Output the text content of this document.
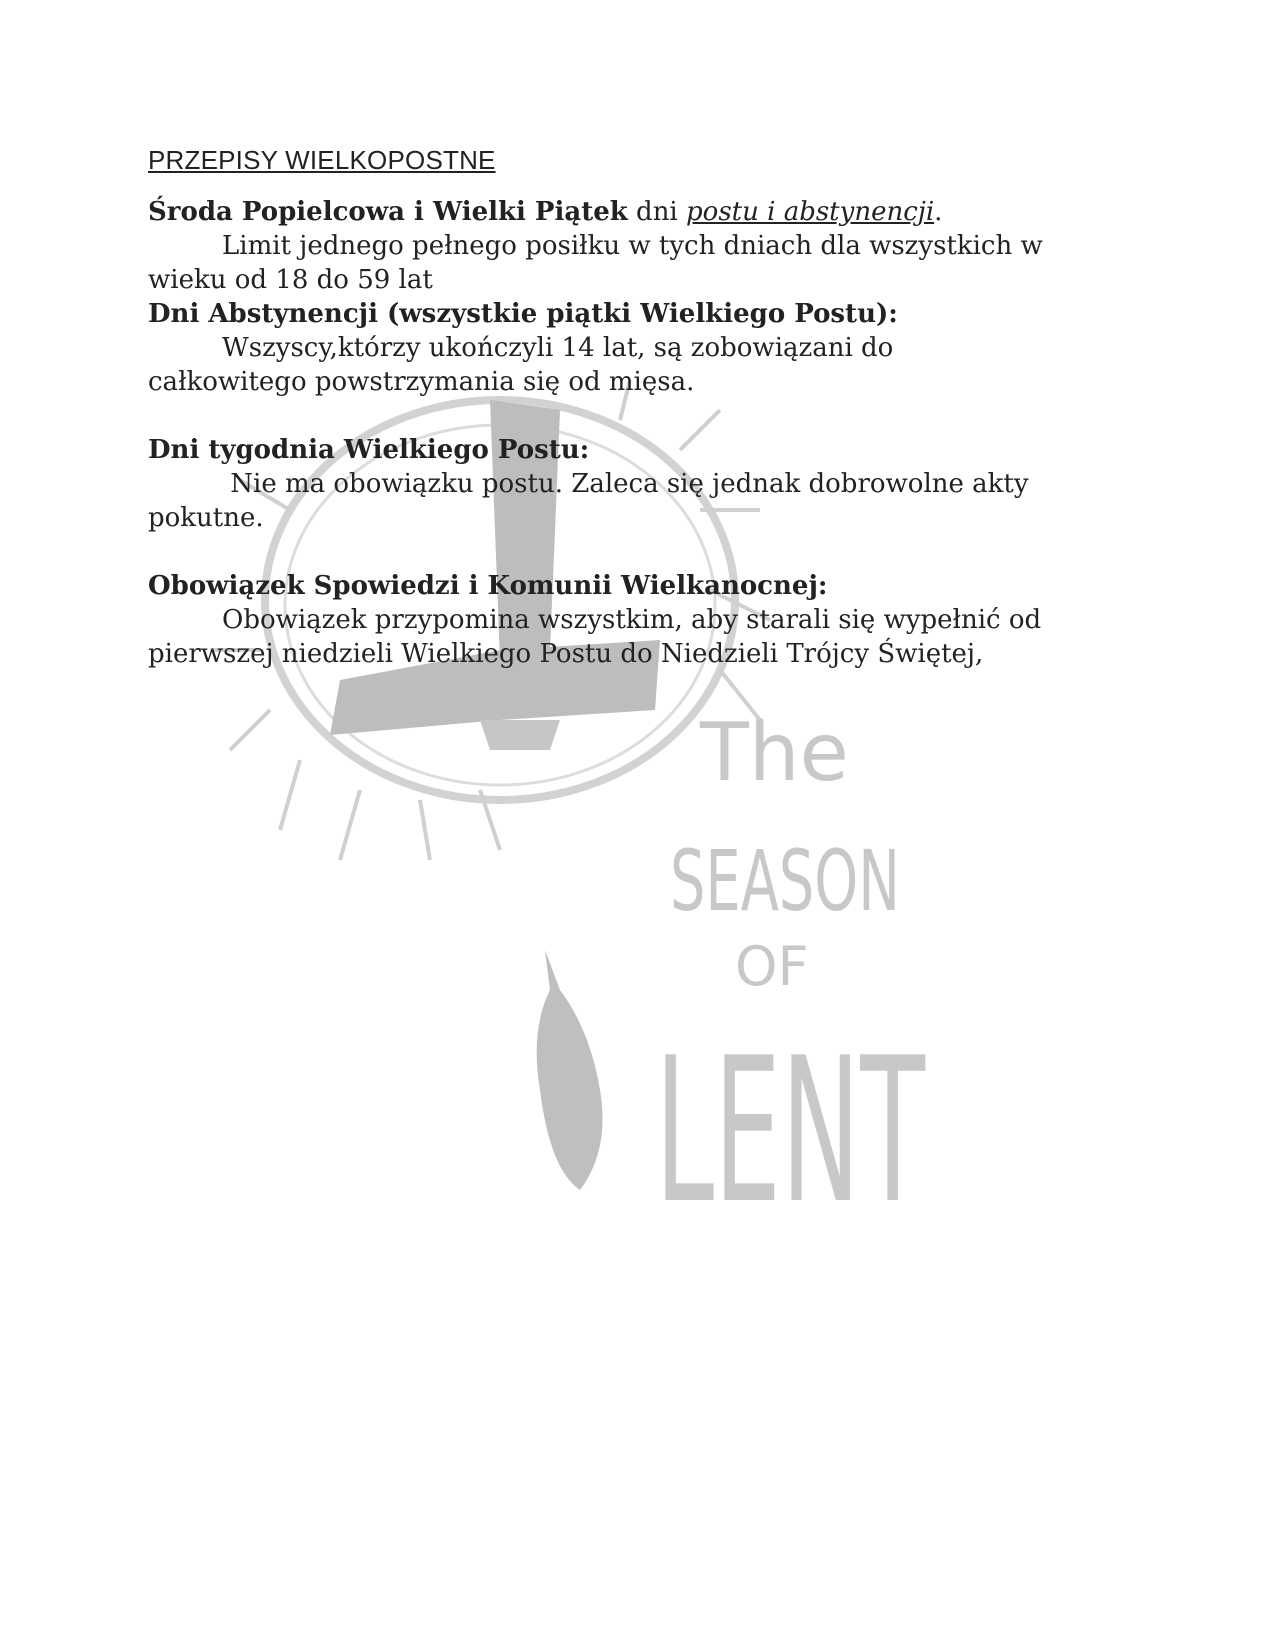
The
SEASON
OF
LENT
PRZEPISY WIELKOPOSTNE
Środa Popielcowa i Wielki Piątek dni postu i abstynencji.
Limit jednego pełnego posiłku w tych dniach dla wszystkich w
wieku od 18 do 59 lat
Dni Abstynencji (wszystkie piątki Wielkiego Postu):
Wszyscy,którzy ukończyli 14 lat, są zobowiązani do
całkowitego powstrzymania się od mięsa.
Dni tygodnia Wielkiego Postu:
Nie ma obowiązku postu. Zaleca się jednak dobrowolne akty
pokutne.
Obowiązek Spowiedzi i Komunii Wielkanocnej:
Obowiązek przypomina wszystkim, aby starali się wypełnić od
pierwszej niedzieli Wielkiego Postu do Niedzieli Trójcy Świętej,
